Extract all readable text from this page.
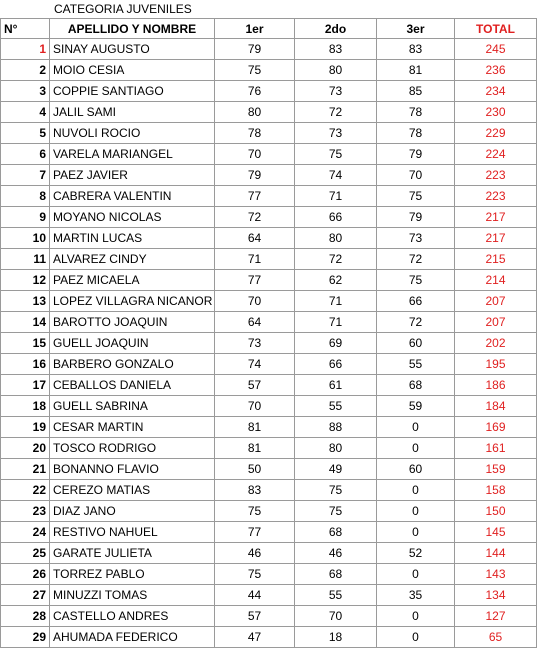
CATEGORIA JUVENILES
N°	APELLIDO Y NOMBRE	1er	2do	3er	TOTAL
1	SINAY AUGUSTO	79	83	83	245
2	MOIO CESIA	75	80	81	236
3	COPPIE SANTIAGO	76	73	85	234
4	JALIL SAMI	80	72	78	230
5	NUVOLI ROCIO	78	73	78	229
6	VARELA MARIANGEL	70	75	79	224
7	PAEZ JAVIER	79	74	70	223
8	CABRERA VALENTIN	77	71	75	223
9	MOYANO NICOLAS	72	66	79	217
10	MARTIN LUCAS	64	80	73	217
11	ALVAREZ CINDY	71	72	72	215
12	PAEZ MICAELA	77	62	75	214
13	LOPEZ VILLAGRA NICANOR	70	71	66	207
14	BAROTTO JOAQUIN	64	71	72	207
15	GUELL JOAQUIN	73	69	60	202
16	BARBERO GONZALO	74	66	55	195
17	CEBALLOS DANIELA	57	61	68	186
18	GUELL SABRINA	70	55	59	184
19	CESAR MARTIN	81	88	0	169
20	TOSCO RODRIGO	81	80	0	161
21	BONANNO FLAVIO	50	49	60	159
22	CEREZO MATIAS	83	75	0	158
23	DIAZ JANO	75	75	0	150
24	RESTIVO NAHUEL	77	68	0	145
25	GARATE JULIETA	46	46	52	144
26	TORREZ PABLO	75	68	0	143
27	MINUZZI TOMAS	44	55	35	134
28	CASTELLO ANDRES	57	70	0	127
29	AHUMADA FEDERICO	47	18	0	65
